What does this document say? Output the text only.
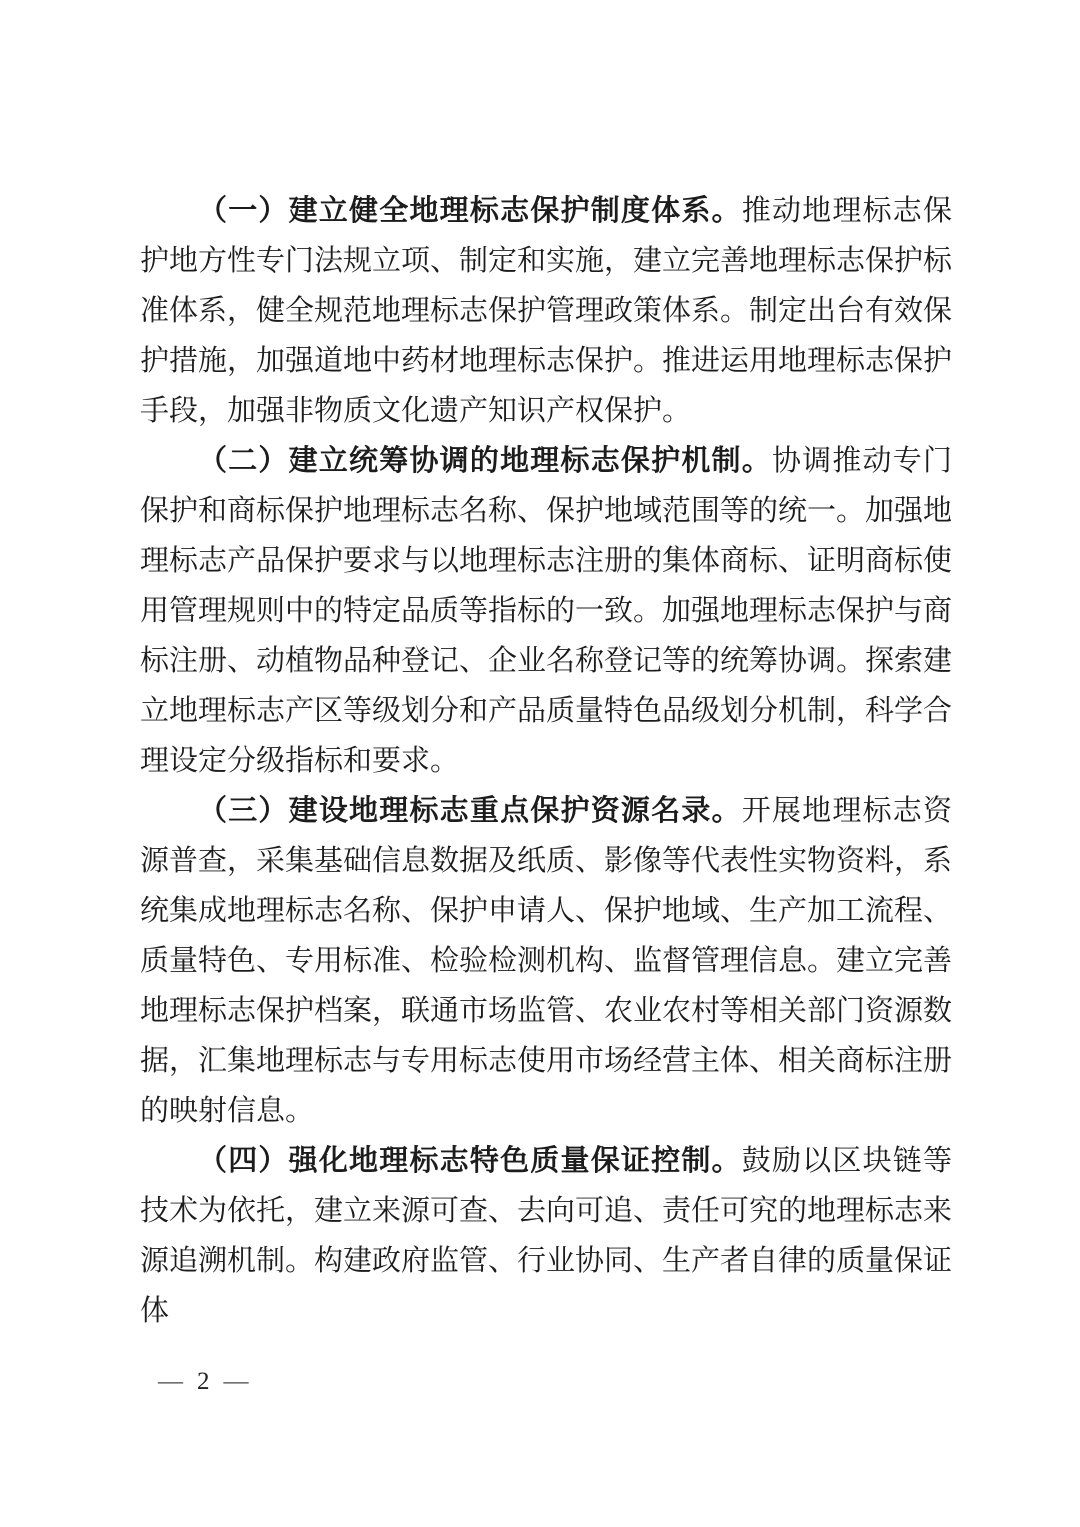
（一）建立健全地理标志保护制度体系。推动地理标志保护地方性专门法规立项、制定和实施，建立完善地理标志保护标准体系，健全规范地理标志保护管理政策体系。制定出台有效保护措施，加强道地中药材地理标志保护。推进运用地理标志保护手段，加强非物质文化遗产知识产权保护。

（二）建立统筹协调的地理标志保护机制。协调推动专门保护和商标保护地理标志名称、保护地域范围等的统一。加强地理标志产品保护要求与以地理标志注册的集体商标、证明商标使用管理规则中的特定品质等指标的一致。加强地理标志保护与商标注册、动植物品种登记、企业名称登记等的统筹协调。探索建立地理标志产区等级划分和产品质量特色品级划分机制，科学合理设定分级指标和要求。

（三）建设地理标志重点保护资源名录。开展地理标志资源普查，采集基础信息数据及纸质、影像等代表性实物资料，系统集成地理标志名称、保护申请人、保护地域、生产加工流程、质量特色、专用标准、检验检测机构、监督管理信息。建立完善地理标志保护档案，联通市场监管、农业农村等相关部门资源数据，汇集地理标志与专用标志使用市场经营主体、相关商标注册的映射信息。

（四）强化地理标志特色质量保证控制。鼓励以区块链等技术为依托，建立来源可查、去向可追、责任可究的地理标志来源追溯机制。构建政府监管、行业协同、生产者自律的质量保证体

— 2 —
